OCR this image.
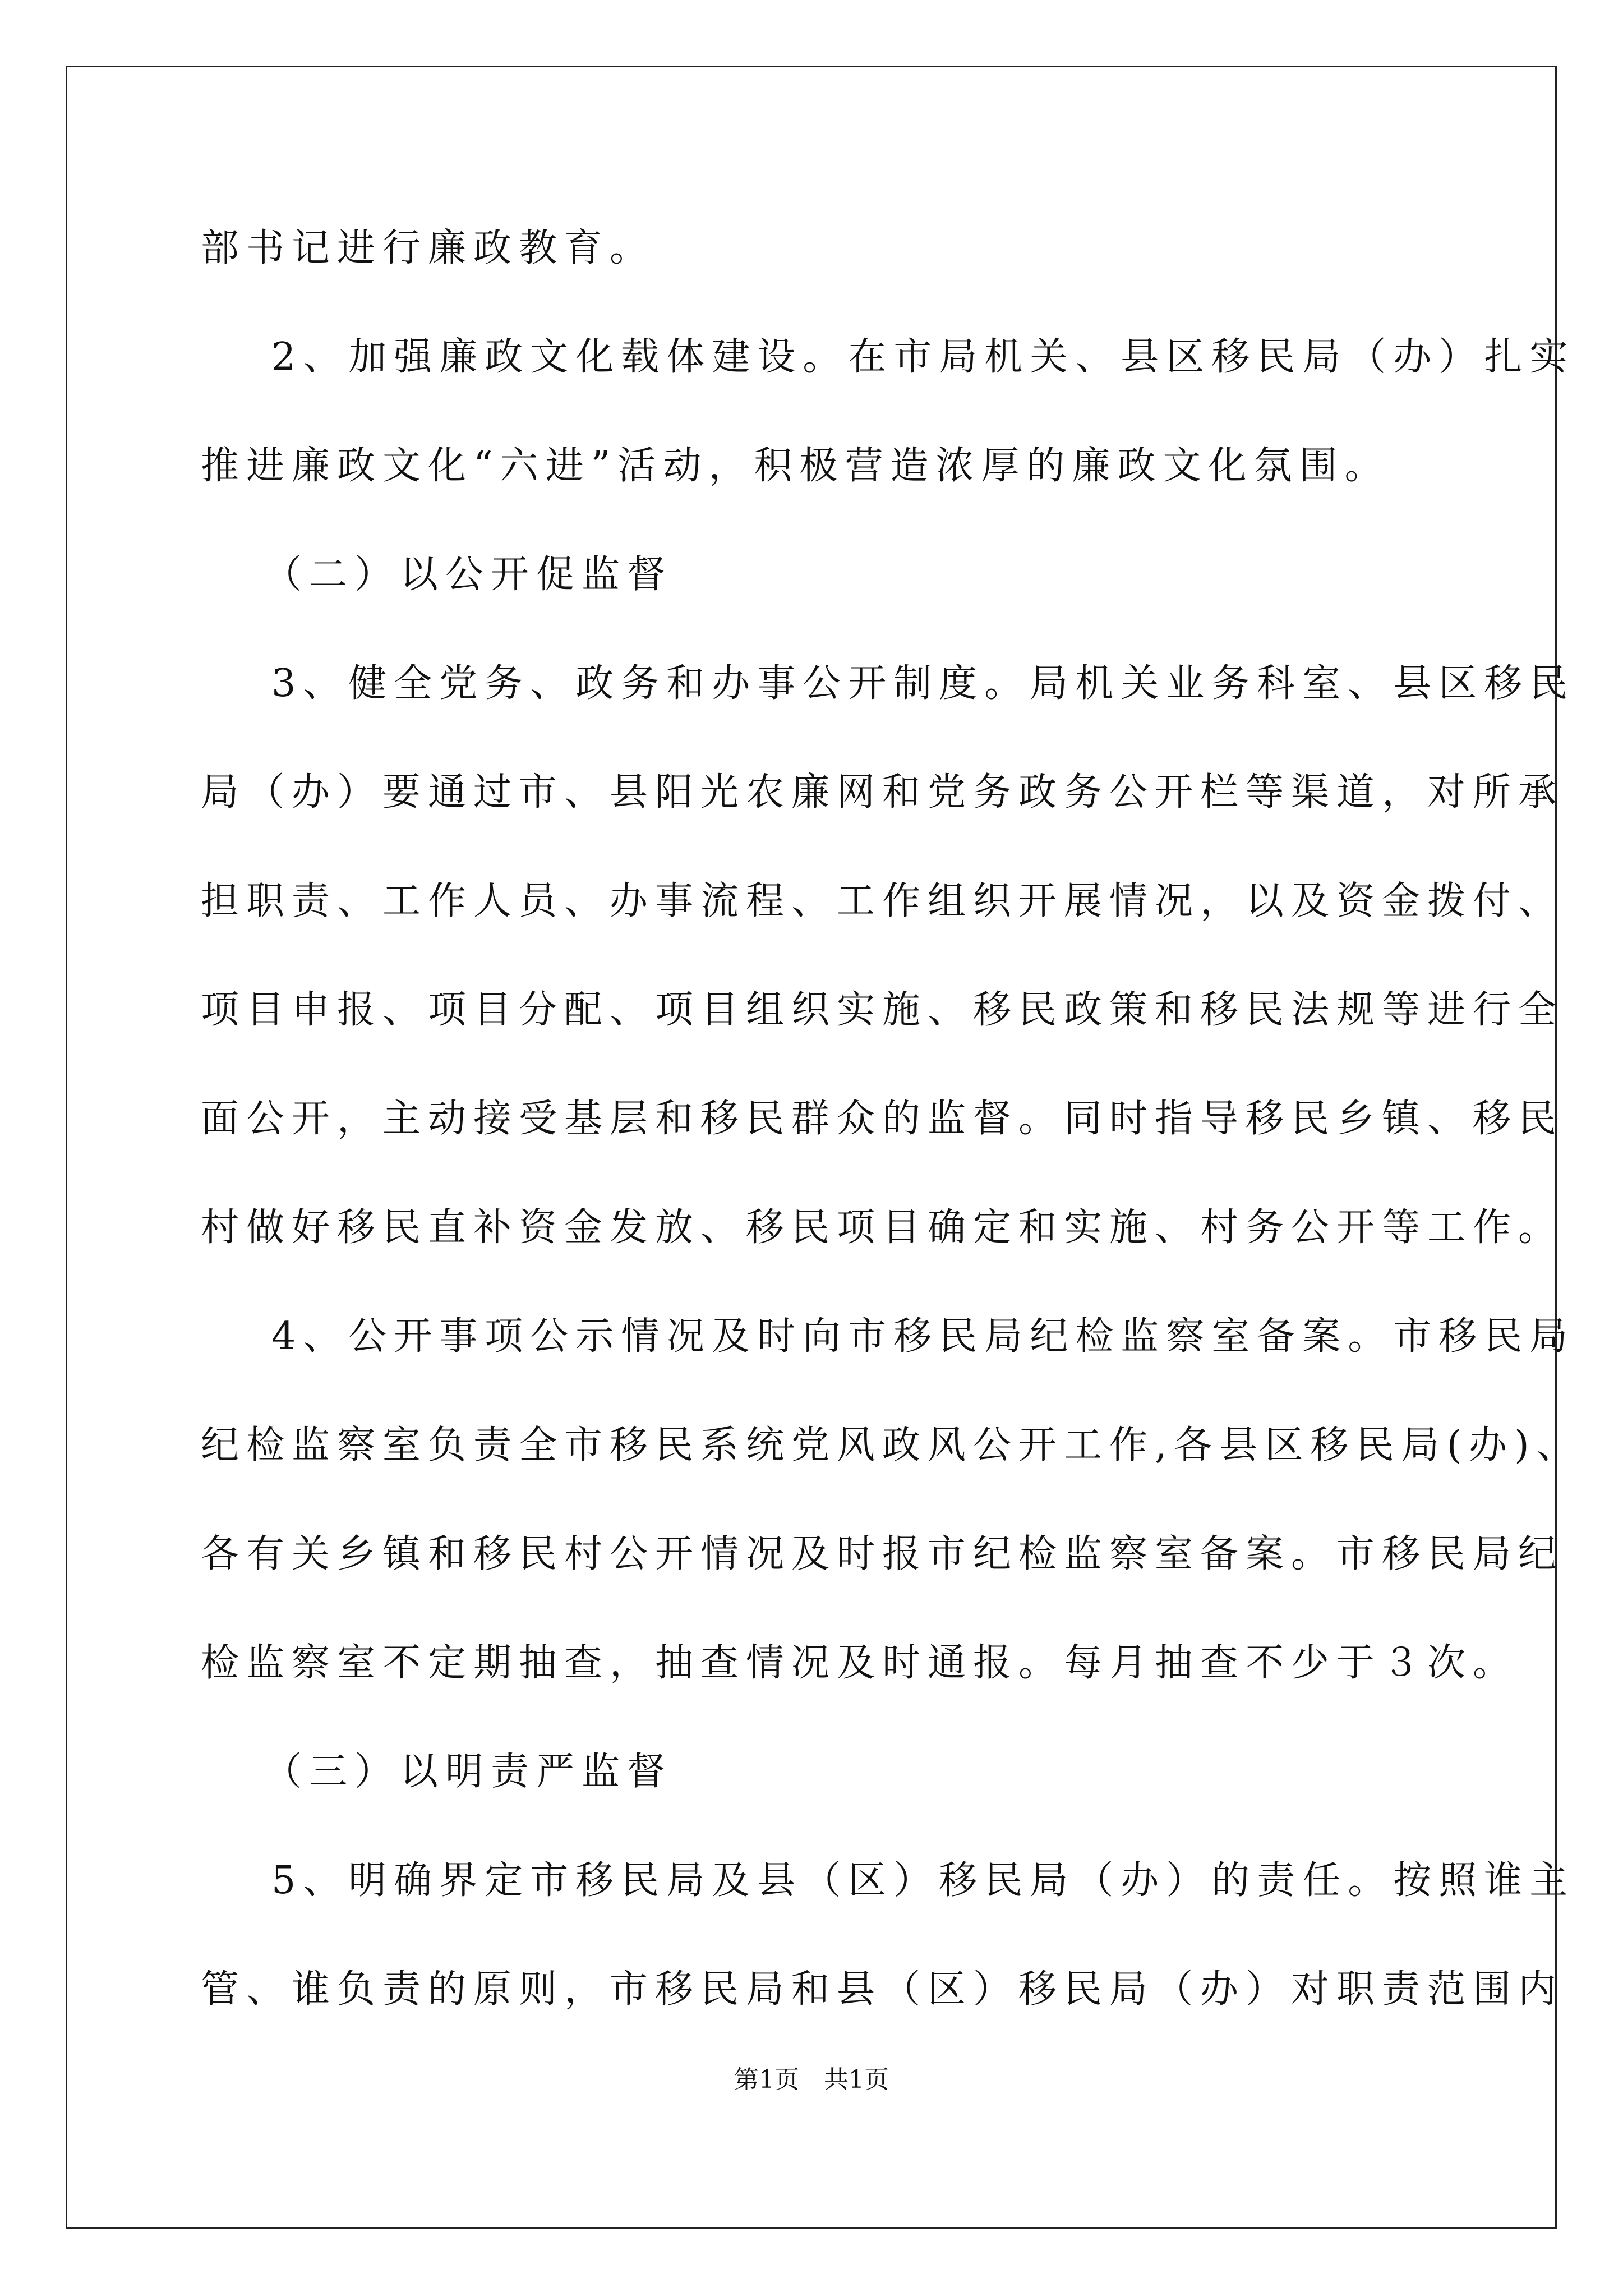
部书记进行廉政教育。
2、加强廉政文化载体建设。在市局机关、县区移民局（办）扎实
推进廉政文化“六进”活动，积极营造浓厚的廉政文化氛围。
（二）以公开促监督
3、健全党务、政务和办事公开制度。局机关业务科室、县区移民
局（办）要通过市、县阳光农廉网和党务政务公开栏等渠道，对所承
担职责、工作人员、办事流程、工作组织开展情况，以及资金拨付、
项目申报、项目分配、项目组织实施、移民政策和移民法规等进行全
面公开，主动接受基层和移民群众的监督。同时指导移民乡镇、移民
村做好移民直补资金发放、移民项目确定和实施、村务公开等工作。
4、公开事项公示情况及时向市移民局纪检监察室备案。市移民局
纪检监察室负责全市移民系统党风政风公开工作,各县区移民局(办)、
各有关乡镇和移民村公开情况及时报市纪检监察室备案。市移民局纪
检监察室不定期抽查，抽查情况及时通报。每月抽查不少于３次。
（三）以明责严监督
5、明确界定市移民局及县（区）移民局（办）的责任。按照谁主
管、谁负责的原则，市移民局和县（区）移民局（办）对职责范围内
第1页 共1页
